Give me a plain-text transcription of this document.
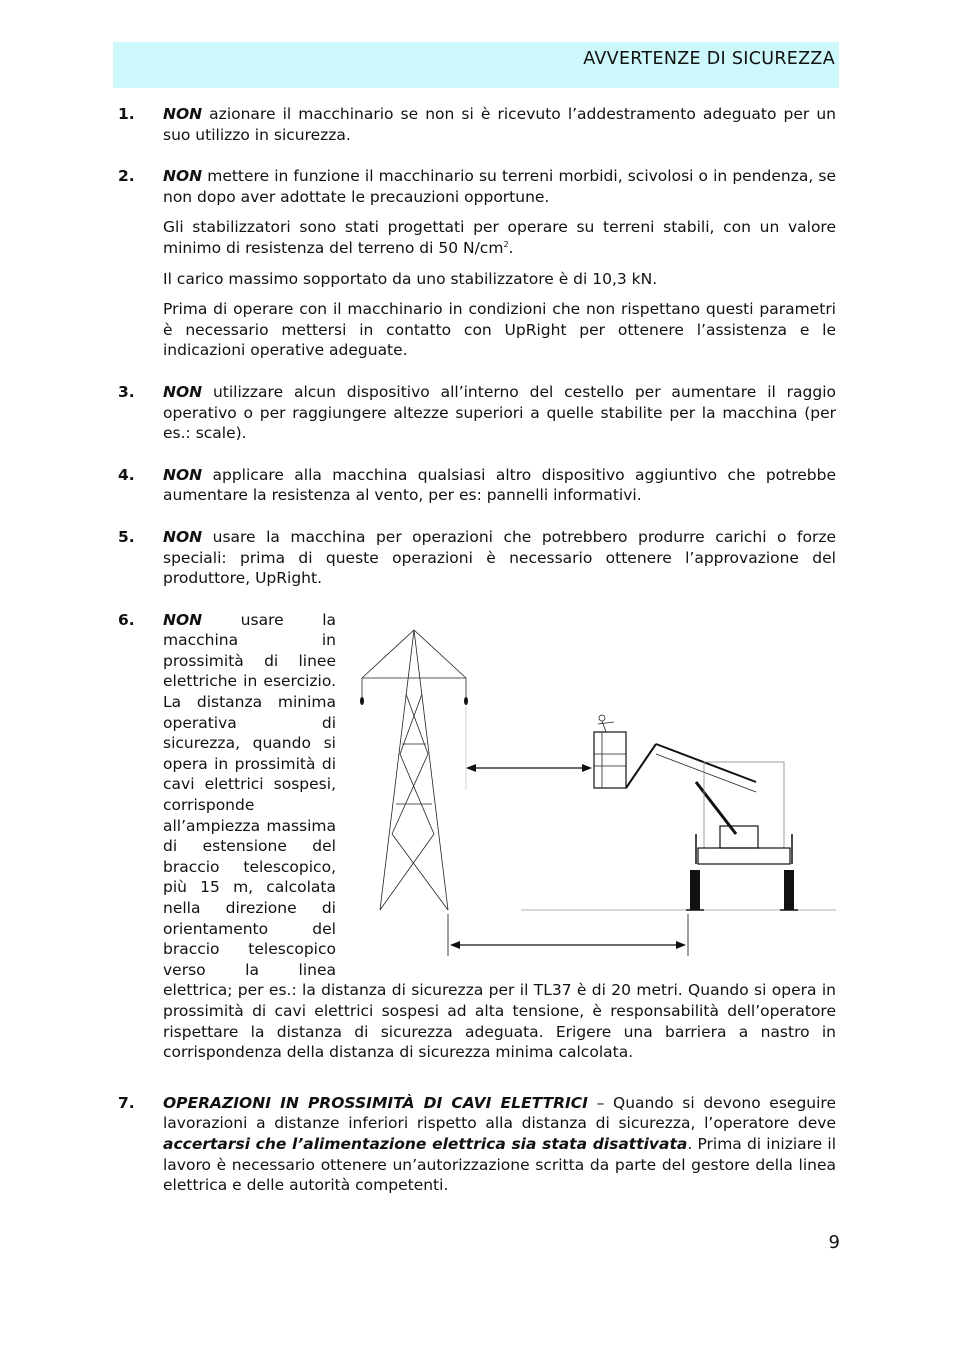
AVVERTENZE DI SICUREZZA
1. NON azionare il macchinario se non si è ricevuto l’addestramento adeguato per un suo utilizzo in sicurezza.

2. NON mettere in funzione il macchinario su terreni morbidi, scivolosi o in pendenza, se non dopo aver adottate le precauzioni opportune.

Gli stabilizzatori sono stati progettati per operare su terreni stabili, con un valore minimo di resistenza del terreno di 50 $N/cm^2$.

Il carico massimo sopportato da uno stabilizzatore è di 10,3 kN.

Prima di operare con il macchinario in condizioni che non rispettano questi parametri è necessario mettersi in contatto con UpRight per ottenere l’assistenza e le indicazioni operative adeguate.

3. NON utilizzare alcun dispositivo all’interno del cestello per aumentare il raggio operativo o per raggiungere altezze superiori a quelle stabilite per la macchina (per es.: scale).

4. NON applicare alla macchina qualsiasi altro dispositivo aggiuntivo che potrebbe aumentare la resistenza al vento, per es: pannelli informativi.

5. NON usare la macchina per operazioni che potrebbero produrre carichi o forze speciali: prima di queste operazioni è necessario ottenere l’approvazione del produttore, UpRight.

6. NON usare la macchina in prossimità di linee elettriche in esercizio. La distanza minima operativa di sicurezza, quando si opera in prossimità di cavi elettrici sospesi, corrisponde all’ampiezza massima di estensione del braccio telescopico, più 15 m, calcolata nella direzione di orientamento del braccio telescopico verso la linea elettrica; per es.: la distanza di sicurezza per il TL37 è di 20 metri. Quando si opera in prossimità di cavi elettrici sospesi ad alta tensione, è responsabilità dell’operatore rispettare la distanza di sicurezza adeguata. Erigere una barriera a nastro in corrispondenza della distanza di sicurezza minima calcolata.
7. OPERAZIONI IN PROSSIMITÀ DI CAVI ELETTRICI – Quando si devono eseguire lavorazioni a distanze inferiori rispetto alla distanza di sicurezza, l’operatore deve accertarsi che l’alimentazione elettrica sia stata disattivata. Prima di iniziare il lavoro è necessario ottenere un’autorizzazione scritta da parte del gestore della linea elettrica e delle autorità competenti.

9
